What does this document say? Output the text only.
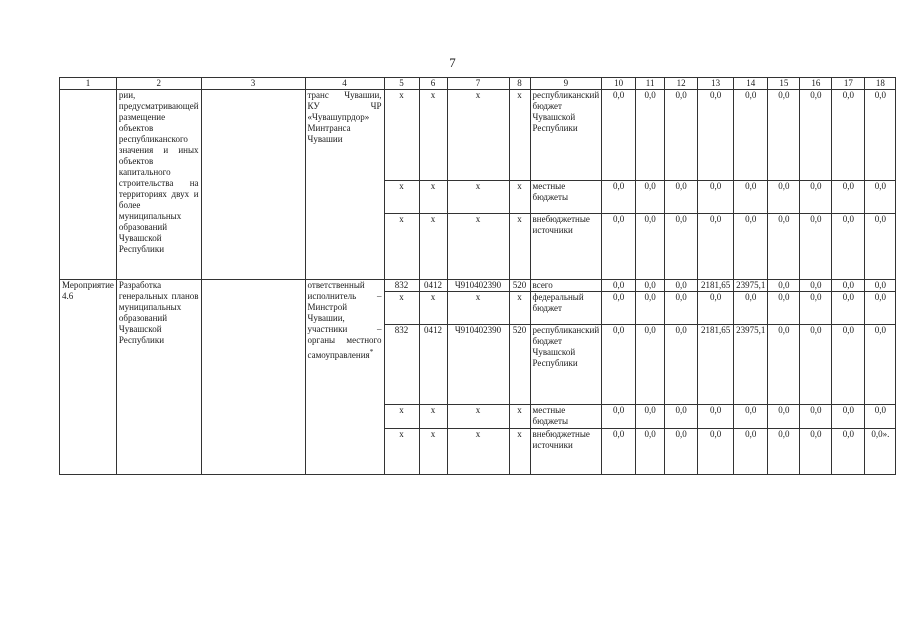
7
1	2	3	4	5	6	7	8	9	10	11	12	13	14	15	16	17	18
	рии, предусматривающей размещение объектов республиканского значения и иных объектов капитального строительства на территориях двух и более муниципальных образований Чувашской Республики		транс Чувашии, КУ ЧР «Чувашупрдор» Минтранса Чувашии	x	x	x	x	республиканский бюджет Чувашской Республики	0,0	0,0	0,0	0,0	0,0	0,0	0,0	0,0	0,0
				x	x	x	x	местные бюджеты	0,0	0,0	0,0	0,0	0,0	0,0	0,0	0,0	0,0
				x	x	x	x	внебюджетные источники	0,0	0,0	0,0	0,0	0,0	0,0	0,0	0,0	0,0
Мероприятие 4.6	Разработка генеральных планов муниципальных образований Чувашской Республики		ответственный исполнитель – Минстрой Чувашии, участники – органы местного самоуправления*	832	0412	Ч910402390	520	всего	0,0	0,0	0,0	2181,65	23975,1	0,0	0,0	0,0	0,0
				x	x	x	x	федеральный бюджет	0,0	0,0	0,0	0,0	0,0	0,0	0,0	0,0	0,0
				832	0412	Ч910402390	520	республиканский бюджет Чувашской Республики	0,0	0,0	0,0	2181,65	23975,1	0,0	0,0	0,0	0,0
				x	x	x	x	местные бюджеты	0,0	0,0	0,0	0,0	0,0	0,0	0,0	0,0	0,0
				x	x	x	x	внебюджетные источники	0,0	0,0	0,0	0,0	0,0	0,0	0,0	0,0	0,0».
